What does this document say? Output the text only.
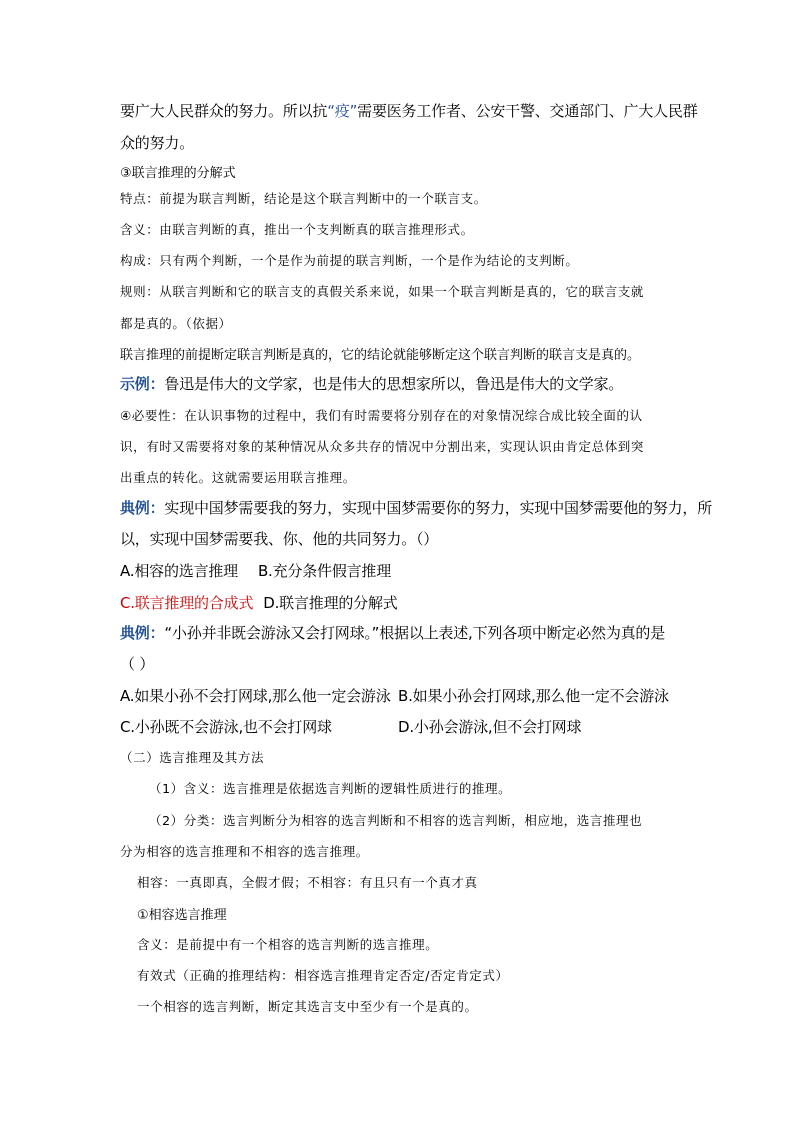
要广大人民群众的努力。所以抗“疫”需要医务工作者、公安干警、交通部门、广大人民群
众的努力。
③联言推理的分解式
特点：前提为联言判断，结论是这个联言判断中的一个联言支。
含义：由联言判断的真，推出一个支判断真的联言推理形式。
构成：只有两个判断，一个是作为前提的联言判断，一个是作为结论的支判断。
规则：从联言判断和它的联言支的真假关系来说，如果一个联言判断是真的，它的联言支就
都是真的。（依据）
联言推理的前提断定联言判断是真的，它的结论就能够断定这个联言判断的联言支是真的。
示例：鲁迅是伟大的文学家，也是伟大的思想家所以，鲁迅是伟大的文学家。
④必要性：在认识事物的过程中，我们有时需要将分别存在的对象情况综合成比较全面的认
识，有时又需要将对象的某种情况从众多共存的情况中分割出来，实现认识由肯定总体到突
出重点的转化。这就需要运用联言推理。
典例：实现中国梦需要我的努力，实现中国梦需要你的努力，实现中国梦需要他的努力，所
以，实现中国梦需要我、你、他的共同努力。（）
A.相容的选言推理 B.充分条件假言推理
C.联言推理的合成式 D.联言推理的分解式
典例：“小孙并非既会游泳又会打网球。”根据以上表述,下列各项中断定必然为真的是
（ ）
A.如果小孙不会打网球,那么他一定会游泳 B.如果小孙会打网球,那么他一定不会游泳
C.小孙既不会游泳,也不会打网球	D.小孙会游泳,但不会打网球
（二）选言推理及其方法
（1）含义：选言推理是依据选言判断的逻辑性质进行的推理。
（2）分类：选言判断分为相容的选言判断和不相容的选言判断，相应地，选言推理也
分为相容的选言推理和不相容的选言推理。
相容：一真即真，全假才假；不相容：有且只有一个真才真
①相容选言推理
含义：是前提中有一个相容的选言判断的选言推理。
有效式（正确的推理结构：相容选言推理肯定否定/否定肯定式）
一个相容的选言判断，断定其选言支中至少有一个是真的。
